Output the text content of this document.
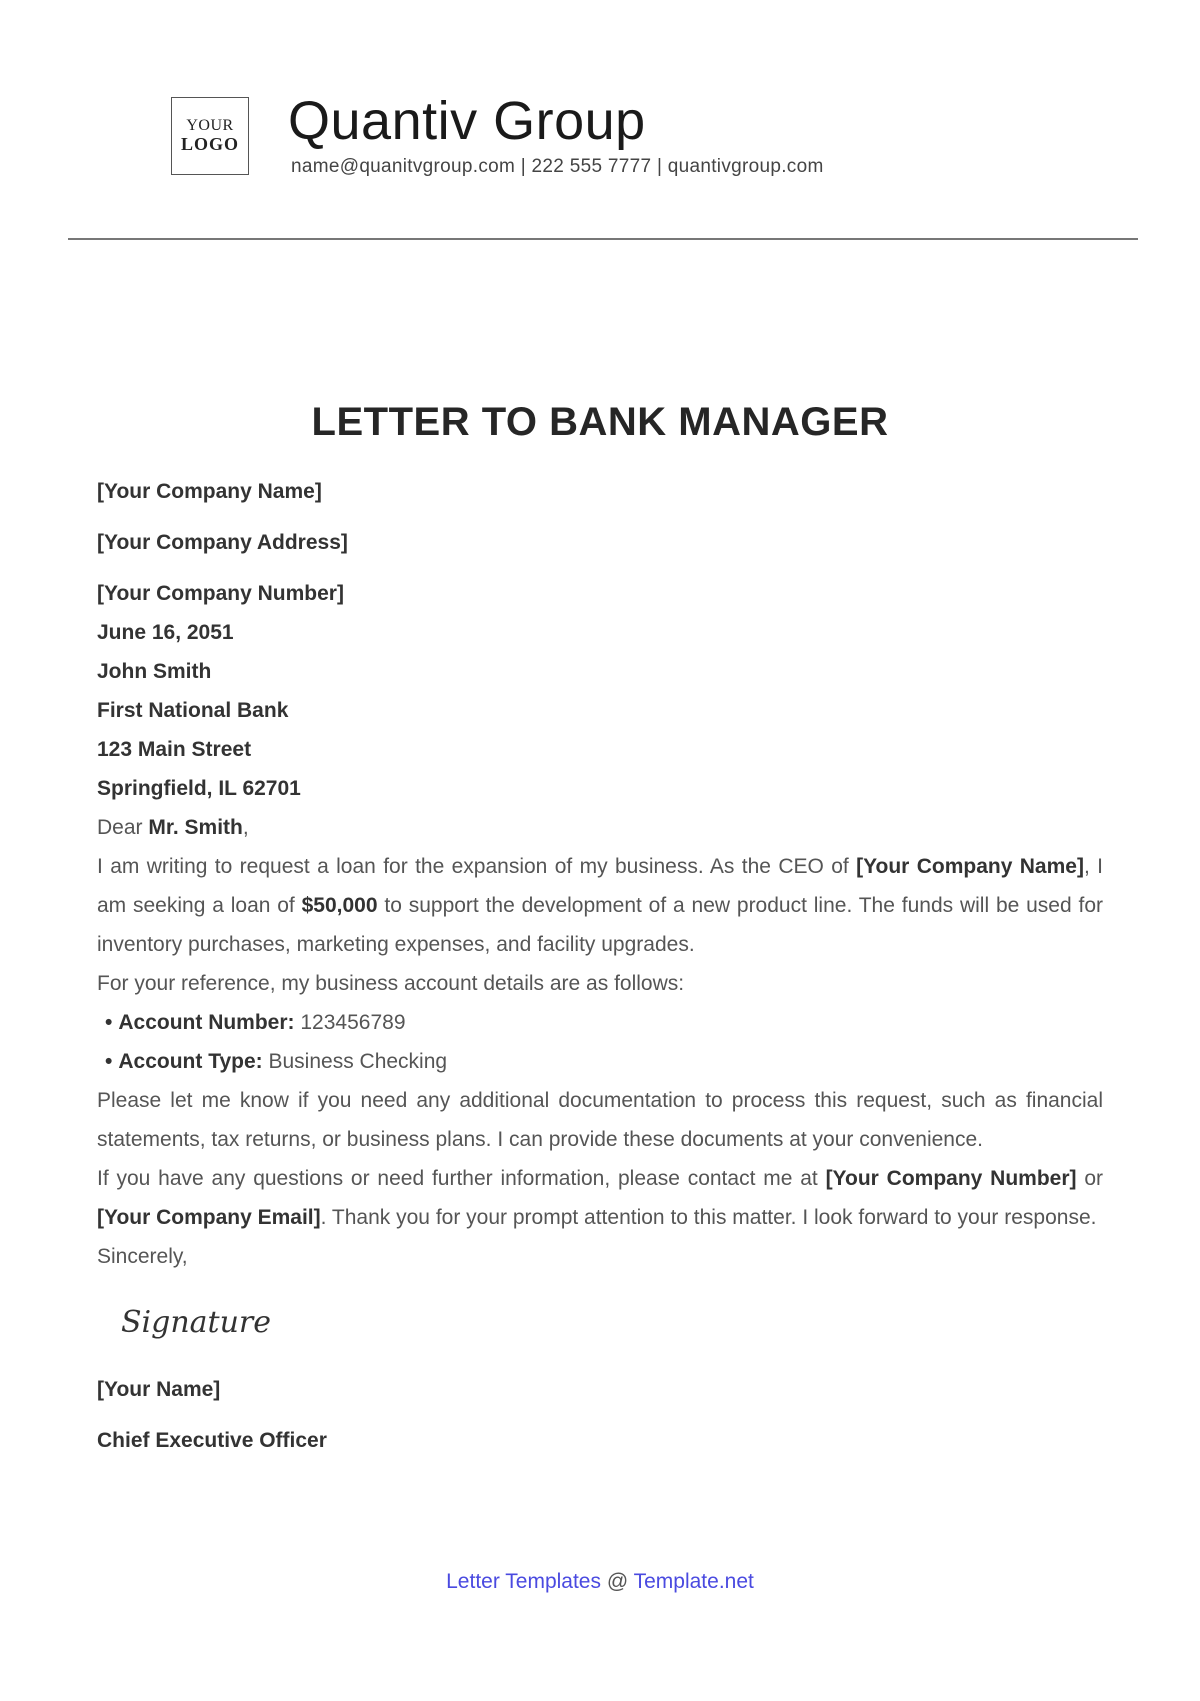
YOUR
LOGO Quantiv Group
name@quanitvgroup.com | 222 555 7777 | quantivgroup.com
LETTER TO BANK MANAGER
[Your Company Name]
[Your Company Address]
[Your Company Number]
June 16, 2051
John Smith
First National Bank
123 Main Street
Springfield, IL 62701

Dear Mr. Smith,

I am writing to request a loan for the expansion of my business. As the CEO of [Your Company Name], I am seeking a loan of $50,000 to support the development of a new product line. The funds will be used for inventory purchases, marketing expenses, and facility upgrades.

For your reference, my business account details are as follows:

• Account Number: 123456789
• Account Type: Business Checking

Please let me know if you need any additional documentation to process this request, such as financial statements, tax returns, or business plans. I can provide these documents at your convenience.

If you have any questions or need further information, please contact me at [Your Company Number] or [Your Company Email]. Thank you for your prompt attention to this matter. I look forward to your response.

Sincerely,

Signature
[Your Name]
Chief Executive Officer
Letter Templates @ Template.net
